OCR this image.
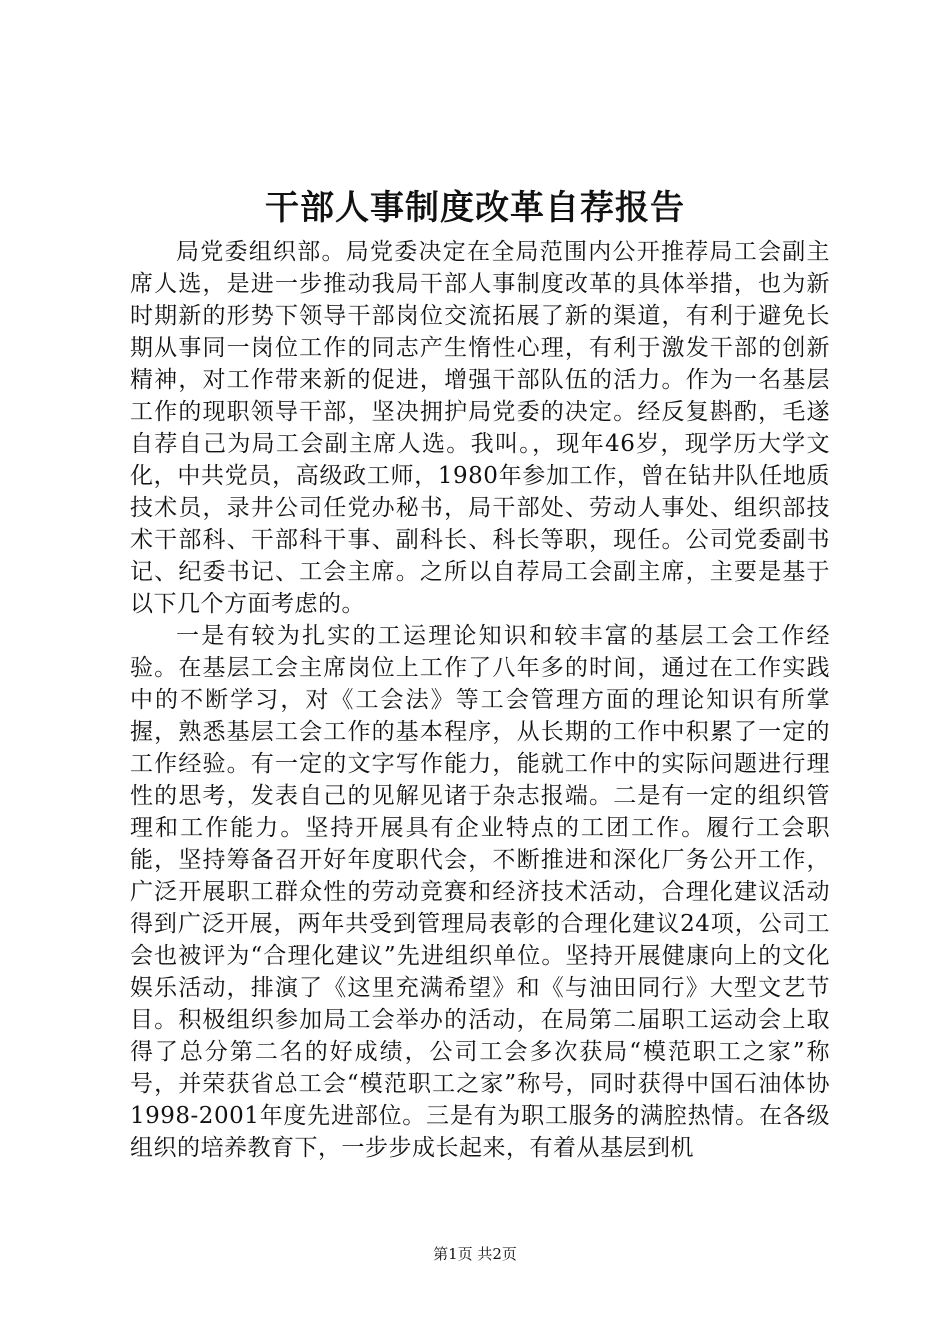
干部人事制度改革自荐报告

局党委组织部。局党委决定在全局范围内公开推荐局工会副主席人选，是进一步推动我局干部人事制度改革的具体举措，也为新时期新的形势下领导干部岗位交流拓展了新的渠道，有利于避免长期从事同一岗位工作的同志产生惰性心理，有利于激发干部的创新精神，对工作带来新的促进，增强干部队伍的活力。作为一名基层工作的现职领导干部，坚决拥护局党委的决定。经反复斟酌，毛遂自荐自己为局工会副主席人选。我叫。，现年46岁，现学历大学文化，中共党员，高级政工师，1980年参加工作，曾在钻井队任地质技术员，录井公司任党办秘书，局干部处、劳动人事处、组织部技术干部科、干部科干事、副科长、科长等职，现任。公司党委副书记、纪委书记、工会主席。之所以自荐局工会副主席，主要是基于以下几个方面考虑的。

一是有较为扎实的工运理论知识和较丰富的基层工会工作经验。在基层工会主席岗位上工作了八年多的时间，通过在工作实践中的不断学习，对《工会法》等工会管理方面的理论知识有所掌握，熟悉基层工会工作的基本程序，从长期的工作中积累了一定的工作经验。有一定的文字写作能力，能就工作中的实际问题进行理性的思考，发表自己的见解见诸于杂志报端。二是有一定的组织管理和工作能力。坚持开展具有企业特点的工团工作。履行工会职能，坚持筹备召开好年度职代会，不断推进和深化厂务公开工作，广泛开展职工群众性的劳动竞赛和经济技术活动，合理化建议活动得到广泛开展，两年共受到管理局表彰的合理化建议24项，公司工会也被评为“合理化建议”先进组织单位。坚持开展健康向上的文化娱乐活动，排演了《这里充满希望》和《与油田同行》大型文艺节目。积极组织参加局工会举办的活动，在局第二届职工运动会上取得了总分第二名的好成绩，公司工会多次获局“模范职工之家”称号，并荣获省总工会“模范职工之家”称号，同时获得中国石油体协1998-2001年度先进部位。三是有为职工服务的满腔热情。在各级组织的培养教育下，一步步成长起来，有着从基层到机

第1页 共2页
